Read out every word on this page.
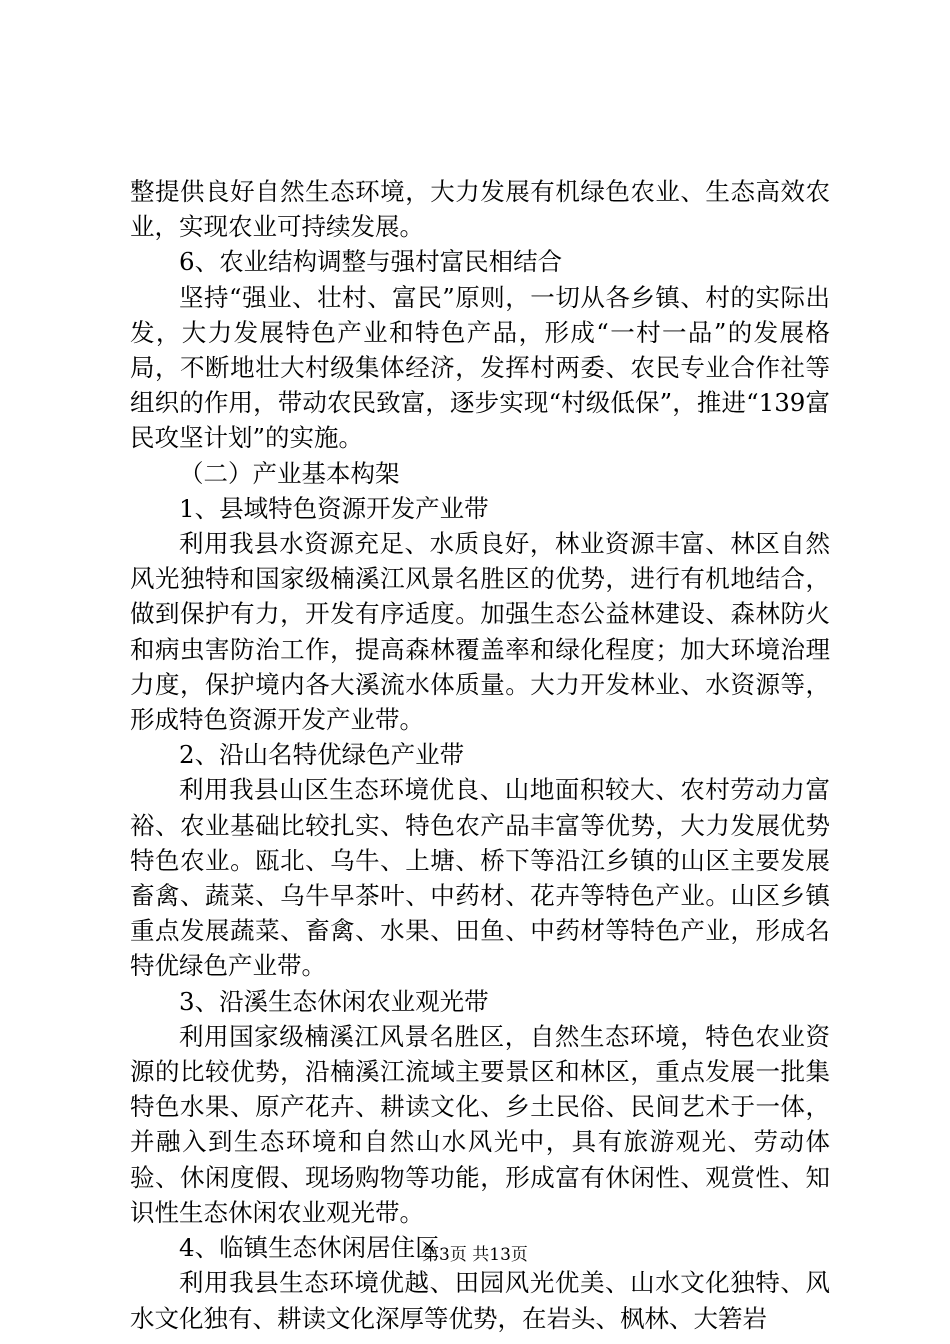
整提供良好自然生态环境，大力发展有机绿色农业、生态高效农业，实现农业可持续发展。

6、农业结构调整与强村富民相结合

坚持“强业、壮村、富民”原则，一切从各乡镇、村的实际出发，大力发展特色产业和特色产品，形成“一村一品”的发展格局，不断地壮大村级集体经济，发挥村两委、农民专业合作社等组织的作用，带动农民致富，逐步实现“村级低保”，推进“139富民攻坚计划”的实施。

（二）产业基本构架

1、县域特色资源开发产业带

利用我县水资源充足、水质良好，林业资源丰富、林区自然风光独特和国家级楠溪江风景名胜区的优势，进行有机地结合，做到保护有力，开发有序适度。加强生态公益林建设、森林防火和病虫害防治工作，提高森林覆盖率和绿化程度；加大环境治理力度，保护境内各大溪流水体质量。大力开发林业、水资源等，形成特色资源开发产业带。

2、沿山名特优绿色产业带

利用我县山区生态环境优良、山地面积较大、农村劳动力富裕、农业基础比较扎实、特色农产品丰富等优势，大力发展优势特色农业。瓯北、乌牛、上塘、桥下等沿江乡镇的山区主要发展畜禽、蔬菜、乌牛早茶叶、中药材、花卉等特色产业。山区乡镇重点发展蔬菜、畜禽、水果、田鱼、中药材等特色产业，形成名特优绿色产业带。

3、沿溪生态休闲农业观光带

利用国家级楠溪江风景名胜区，自然生态环境，特色农业资源的比较优势，沿楠溪江流域主要景区和林区，重点发展一批集特色水果、原产花卉、耕读文化、乡土民俗、民间艺术于一体，并融入到生态环境和自然山水风光中，具有旅游观光、劳动体验、休闲度假、现场购物等功能，形成富有休闲性、观赏性、知识性生态休闲农业观光带。

4、临镇生态休闲居住区

利用我县生态环境优越、田园风光优美、山水文化独特、风水文化独有、耕读文化深厚等优势，在岩头、枫林、大箬岩

第3页 共13页
